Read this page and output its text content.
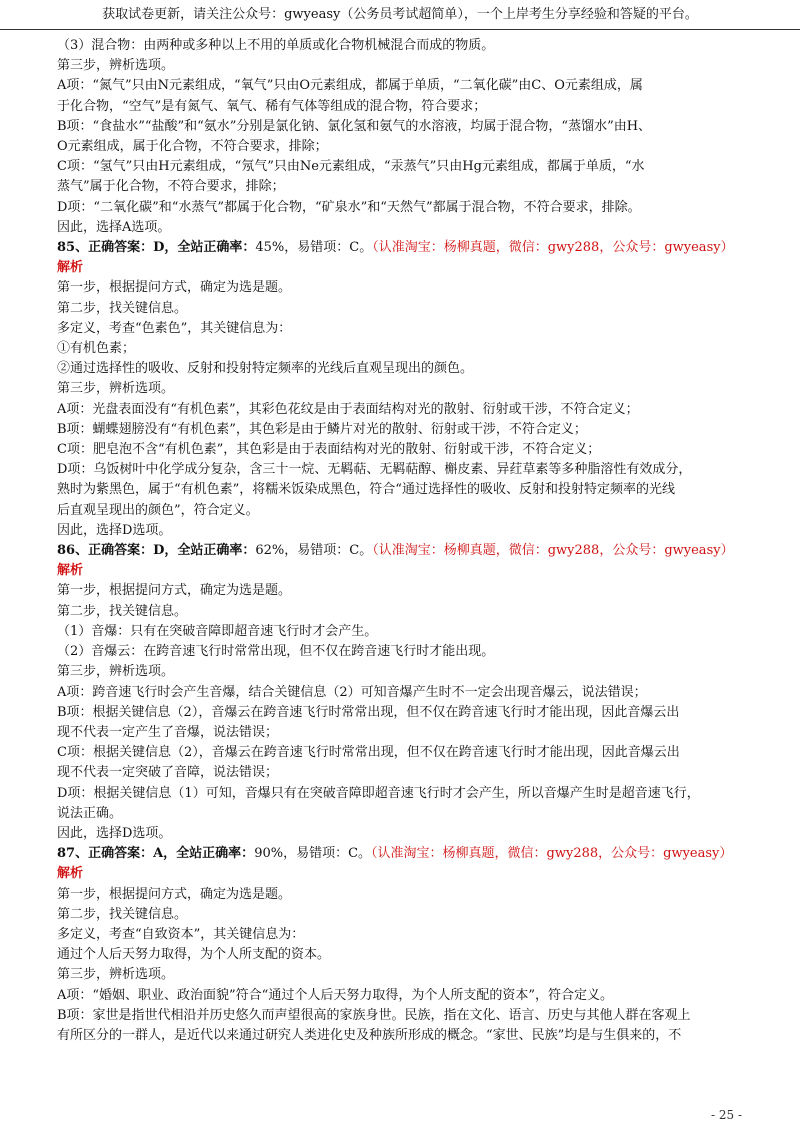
获取试卷更新，请关注公众号：gwyeasy（公务员考试超简单），一个上岸考生分享经验和答疑的平台。
（3）混合物：由两种或多种以上不用的单质或化合物机械混合而成的物质。
第三步，辨析选项。
A项：“氮气”只由N元素组成，“氧气”只由O元素组成，都属于单质，“二氧化碳”由C、O元素组成，属
于化合物，“空气”是有氮气、氧气、稀有气体等组成的混合物，符合要求；
B项：“食盐水”“盐酸”和“氨水”分别是氯化钠、氯化氢和氨气的水溶液，均属于混合物，“蒸馏水”由H、
O元素组成，属于化合物，不符合要求，排除；
C项：“氢气”只由H元素组成，“氖气”只由Ne元素组成，“汞蒸气”只由Hg元素组成，都属于单质，“水
蒸气”属于化合物，不符合要求，排除；
D项：“二氧化碳”和“水蒸气”都属于化合物，“矿泉水”和“天然气”都属于混合物，不符合要求，排除。
因此，选择A选项。
85、正确答案：D，全站正确率：45%，易错项：C。（认准淘宝：杨柳真题，微信：gwy288，公众号：gwyeasy）
解析
第一步，根据提问方式，确定为选是题。
第二步，找关键信息。
多定义，考查“色素色”，其关键信息为：
①有机色素；
②通过选择性的吸收、反射和投射特定频率的光线后直观呈现出的颜色。
第三步，辨析选项。
A项：光盘表面没有“有机色素”，其彩色花纹是由于表面结构对光的散射、衍射或干涉，不符合定义；
B项：蝴蝶翅膀没有“有机色素”，其色彩是由于鳞片对光的散射、衍射或干涉，不符合定义；
C项：肥皂泡不含“有机色素”，其色彩是由于表面结构对光的散射、衍射或干涉，不符合定义；
D项：乌饭树叶中化学成分复杂，含三十一烷、无羁萜、无羁萜醇、槲皮素、异荭草素等多种脂溶性有效成分，
熟时为紫黑色，属于“有机色素”，将糯米饭染成黑色，符合“通过选择性的吸收、反射和投射特定频率的光线
后直观呈现出的颜色”，符合定义。
因此，选择D选项。
86、正确答案：D，全站正确率：62%，易错项：C。（认准淘宝：杨柳真题，微信：gwy288，公众号：gwyeasy）
解析
第一步，根据提问方式，确定为选是题。
第二步，找关键信息。
（1）音爆：只有在突破音障即超音速飞行时才会产生。
（2）音爆云：在跨音速飞行时常常出现，但不仅在跨音速飞行时才能出现。
第三步，辨析选项。
A项：跨音速飞行时会产生音爆，结合关键信息（2）可知音爆产生时不一定会出现音爆云，说法错误；
B项：根据关键信息（2），音爆云在跨音速飞行时常常出现，但不仅在跨音速飞行时才能出现，因此音爆云出
现不代表一定产生了音爆，说法错误；
C项：根据关键信息（2），音爆云在跨音速飞行时常常出现，但不仅在跨音速飞行时才能出现，因此音爆云出
现不代表一定突破了音障，说法错误；
D项：根据关键信息（1）可知，音爆只有在突破音障即超音速飞行时才会产生，所以音爆产生时是超音速飞行，
说法正确。
因此，选择D选项。
87、正确答案：A，全站正确率：90%，易错项：C。（认准淘宝：杨柳真题，微信：gwy288，公众号：gwyeasy）
解析
第一步，根据提问方式，确定为选是题。
第二步，找关键信息。
多定义，考查“自致资本”，其关键信息为：
通过个人后天努力取得，为个人所支配的资本。
第三步，辨析选项。
A项：“婚姻、职业、政治面貌”符合“通过个人后天努力取得，为个人所支配的资本”，符合定义。
B项：家世是指世代相沿并历史悠久而声望很高的家族身世。民族，指在文化、语言、历史与其他人群在客观上
有所区分的一群人，是近代以来通过研究人类进化史及种族所形成的概念。“家世、民族”均是与生俱来的，不
- 25 -
